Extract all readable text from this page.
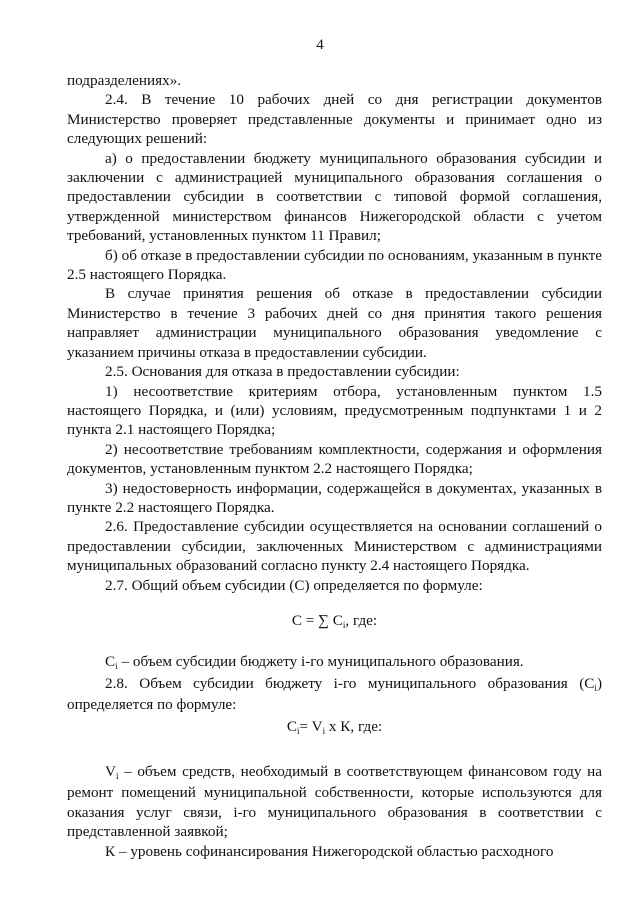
4

подразделениях».

2.4. В течение 10 рабочих дней со дня регистрации документов Министерство проверяет представленные документы и принимает одно из следующих решений:

а) о предоставлении бюджету муниципального образования субсидии и заключении с администрацией муниципального образования соглашения о предоставлении субсидии в соответствии с типовой формой соглашения, утвержденной министерством финансов Нижегородской области с учетом требований, установленных пунктом 11 Правил;

б) об отказе в предоставлении субсидии по основаниям, указанным в пункте 2.5 настоящего Порядка.

В случае принятия решения об отказе в предоставлении субсидии Министерство в течение 3 рабочих дней со дня принятия такого решения направляет администрации муниципального образования уведомление с указанием причины отказа в предоставлении субсидии.

2.5. Основания для отказа в предоставлении субсидии:

1) несоответствие критериям отбора, установленным пунктом 1.5 настоящего Порядка, и (или) условиям, предусмотренным подпунктами 1 и 2 пункта 2.1 настоящего Порядка;

2) несоответствие требованиям комплектности, содержания и оформления документов, установленным пунктом 2.2 настоящего Порядка;

3) недостоверность информации, содержащейся в документах, указанных в пункте 2.2 настоящего Порядка.

2.6. Предоставление субсидии осуществляется на основании соглашений о предоставлении субсидии, заключенных Министерством с администрациями муниципальных образований согласно пункту 2.4 настоящего Порядка.

2.7. Общий объем субсидии (С) определяется по формуле:

С = ∑ Сi, где:

Сi – объем субсидии бюджету i-го муниципального образования.

2.8. Объем субсидии бюджету i-го муниципального образования (Сi) определяется по формуле:

Сi= Vi х К, где:

Vi – объем средств, необходимый в соответствующем финансовом году на ремонт помещений муниципальной собственности, которые используются для оказания услуг связи, i-го муниципального образования в соответствии с представленной заявкой;

К – уровень софинансирования Нижегородской областью расходного
